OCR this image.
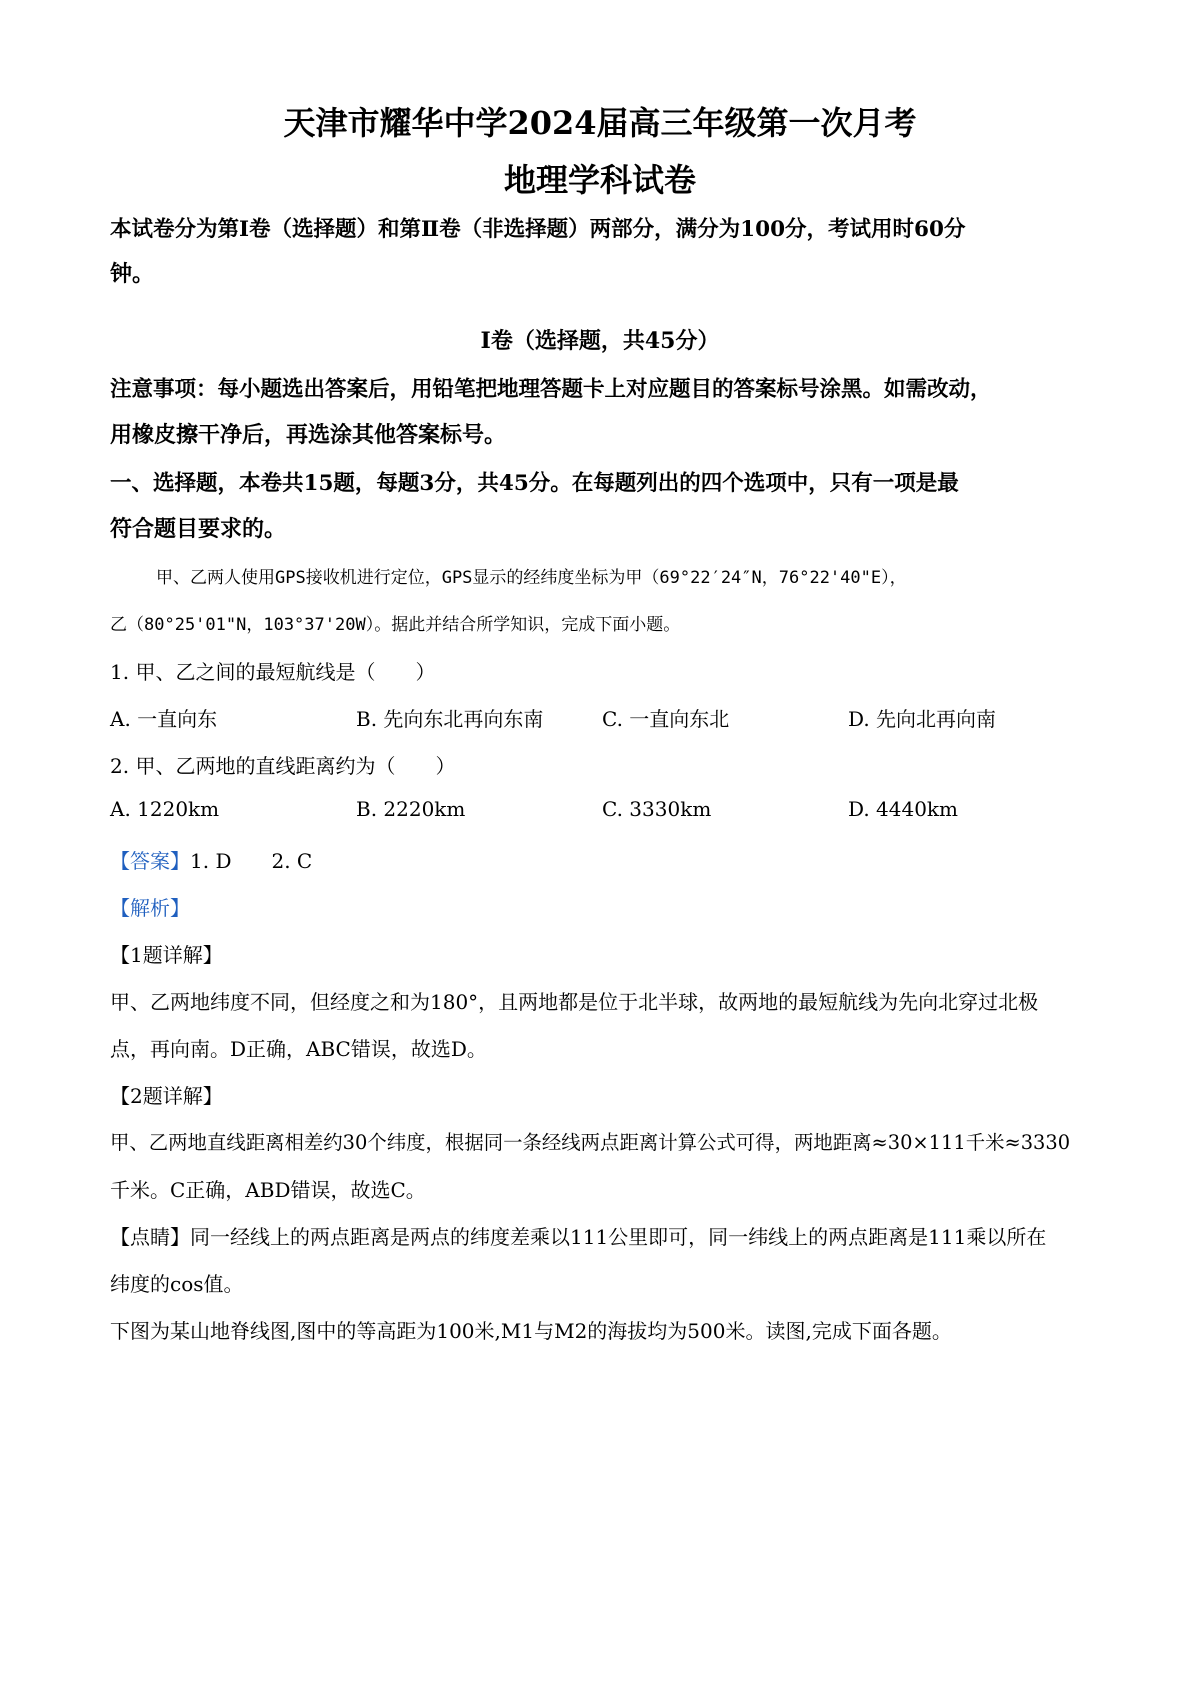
天津市耀华中学2024届高三年级第一次月考
地理学科试卷
本试卷分为第Ⅰ卷（选择题）和第Ⅱ卷（非选择题）两部分，满分为100分，考试用时60分
钟。
Ⅰ卷（选择题，共45分）
注意事项：每小题选出答案后，用铅笔把地理答题卡上对应题目的答案标号涂黑。如需改动，
用橡皮擦干净后，再选涂其他答案标号。
一、选择题，本卷共15题，每题3分，共45分。在每题列出的四个选项中，只有一项是最
符合题目要求的。
甲、乙两人使用GPS接收机进行定位，GPS显示的经纬度坐标为甲（69°22′24″N，76°22'40"E），
乙（80°25'01"N，103°37'20W）。据此并结合所学知识，完成下面小题。
1. 甲、乙之间的最短航线是（　　）
A. 一直向东	B. 先向东北再向东南	C. 一直向东北	D. 先向北再向南
2. 甲、乙两地的直线距离约为（　　）
A. 1220km	B. 2220km	C. 3330km	D. 4440km
【答案】1. D　　2. C
【解析】
【1题详解】
甲、乙两地纬度不同，但经度之和为180°，且两地都是位于北半球，故两地的最短航线为先向北穿过北极
点，再向南。D正确，ABC错误，故选D。
【2题详解】
甲、乙两地直线距离相差约30个纬度，根据同一条经线两点距离计算公式可得，两地距离≈30×111千米≈3330
千米。C正确，ABD错误，故选C。
【点睛】同一经线上的两点距离是两点的纬度差乘以111公里即可，同一纬线上的两点距离是111乘以所在
纬度的cos值。
下图为某山地脊线图,图中的等高距为100米,M1与M2的海拔均为500米。读图,完成下面各题。
